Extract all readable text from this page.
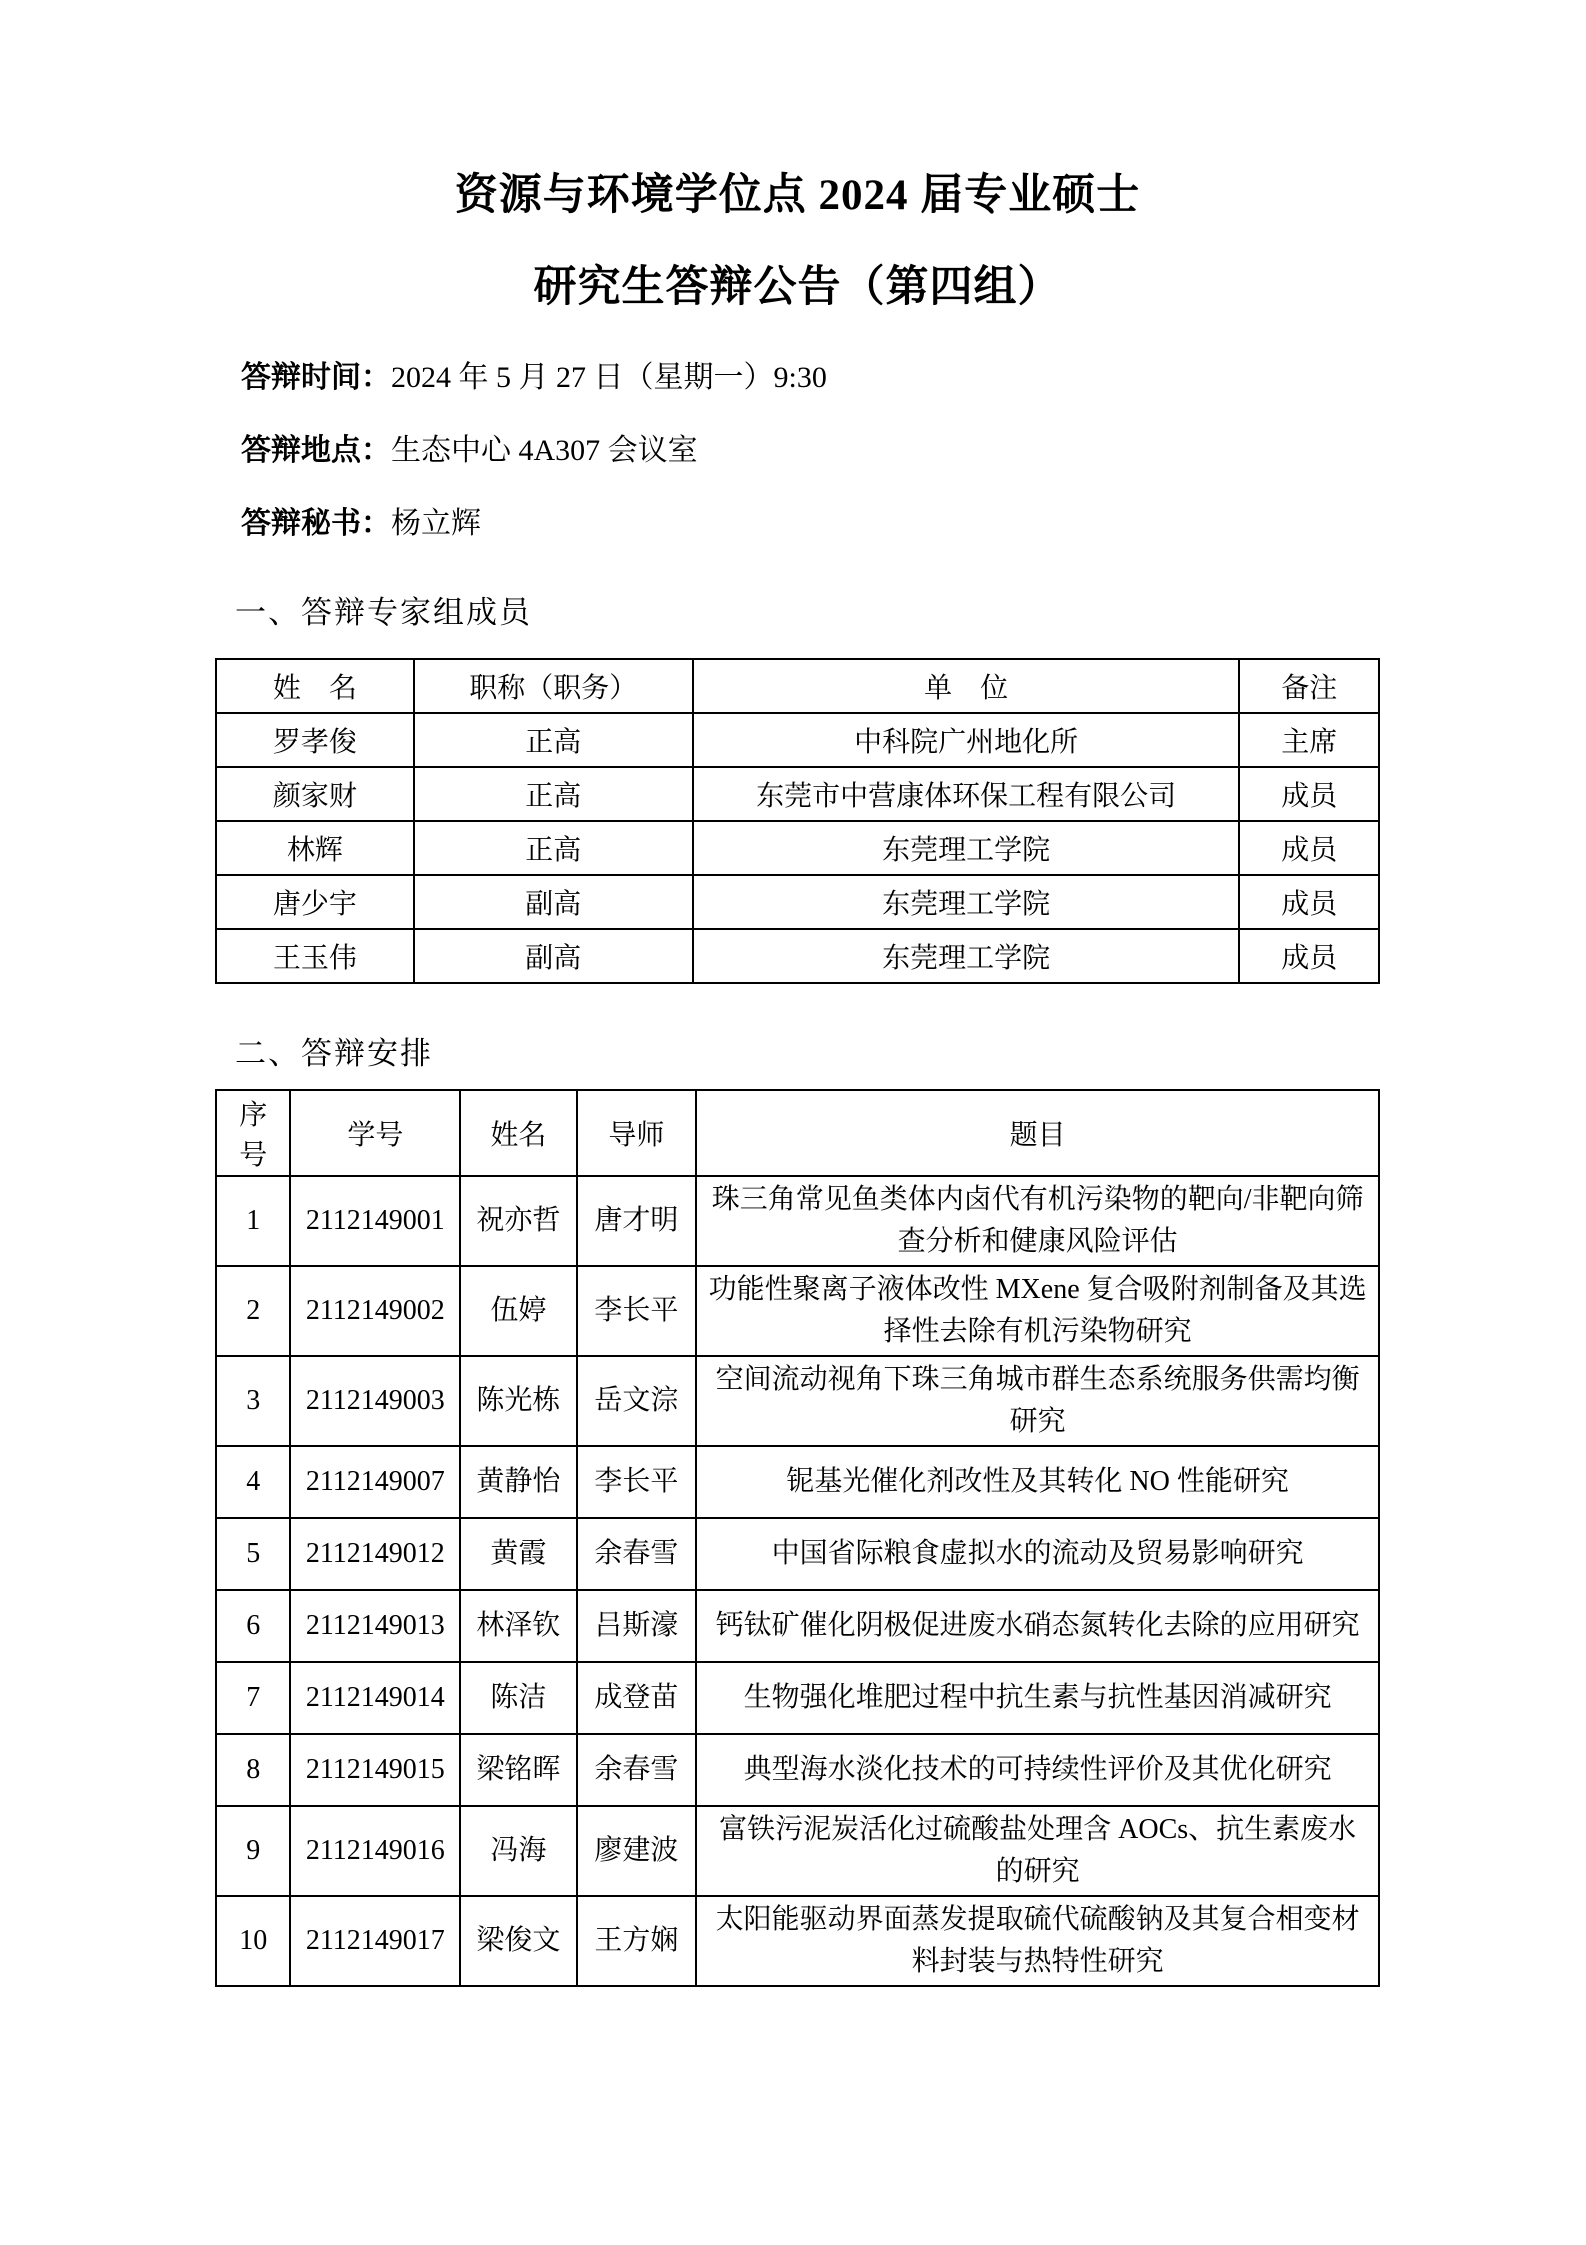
资源与环境学位点 2024 届专业硕士
研究生答辩公告（第四组）

答辩时间：2024 年 5 月 27 日（星期一）9:30

答辩地点：生态中心 4A307 会议室

答辩秘书：杨立辉

一、答辩专家组成员
姓　名	职称（职务）	单　位	备注
罗孝俊	正高	中科院广州地化所	主席
颜家财	正高	东莞市中营康体环保工程有限公司	成员
林辉	正高	东莞理工学院	成员
唐少宇	副高	东莞理工学院	成员
王玉伟	副高	东莞理工学院	成员
二、答辩安排
序号	学号	姓名	导师	题目
1	2112149001	祝亦哲	唐才明	珠三角常见鱼类体内卤代有机污染物的靶向/非靶向筛查分析和健康风险评估
2	2112149002	伍婷	李长平	功能性聚离子液体改性 MXene 复合吸附剂制备及其选择性去除有机污染物研究
3	2112149003	陈光栋	岳文淙	空间流动视角下珠三角城市群生态系统服务供需均衡研究
4	2112149007	黄静怡	李长平	铌基光催化剂改性及其转化 NO 性能研究
5	2112149012	黄霞	余春雪	中国省际粮食虚拟水的流动及贸易影响研究
6	2112149013	林泽钦	吕斯濠	钙钛矿催化阴极促进废水硝态氮转化去除的应用研究
7	2112149014	陈洁	成登苗	生物强化堆肥过程中抗生素与抗性基因消减研究
8	2112149015	梁铭晖	余春雪	典型海水淡化技术的可持续性评价及其优化研究
9	2112149016	冯海	廖建波	富铁污泥炭活化过硫酸盐处理含 AOCs、抗生素废水的研究
10	2112149017	梁俊文	王方娴	太阳能驱动界面蒸发提取硫代硫酸钠及其复合相变材料封装与热特性研究
